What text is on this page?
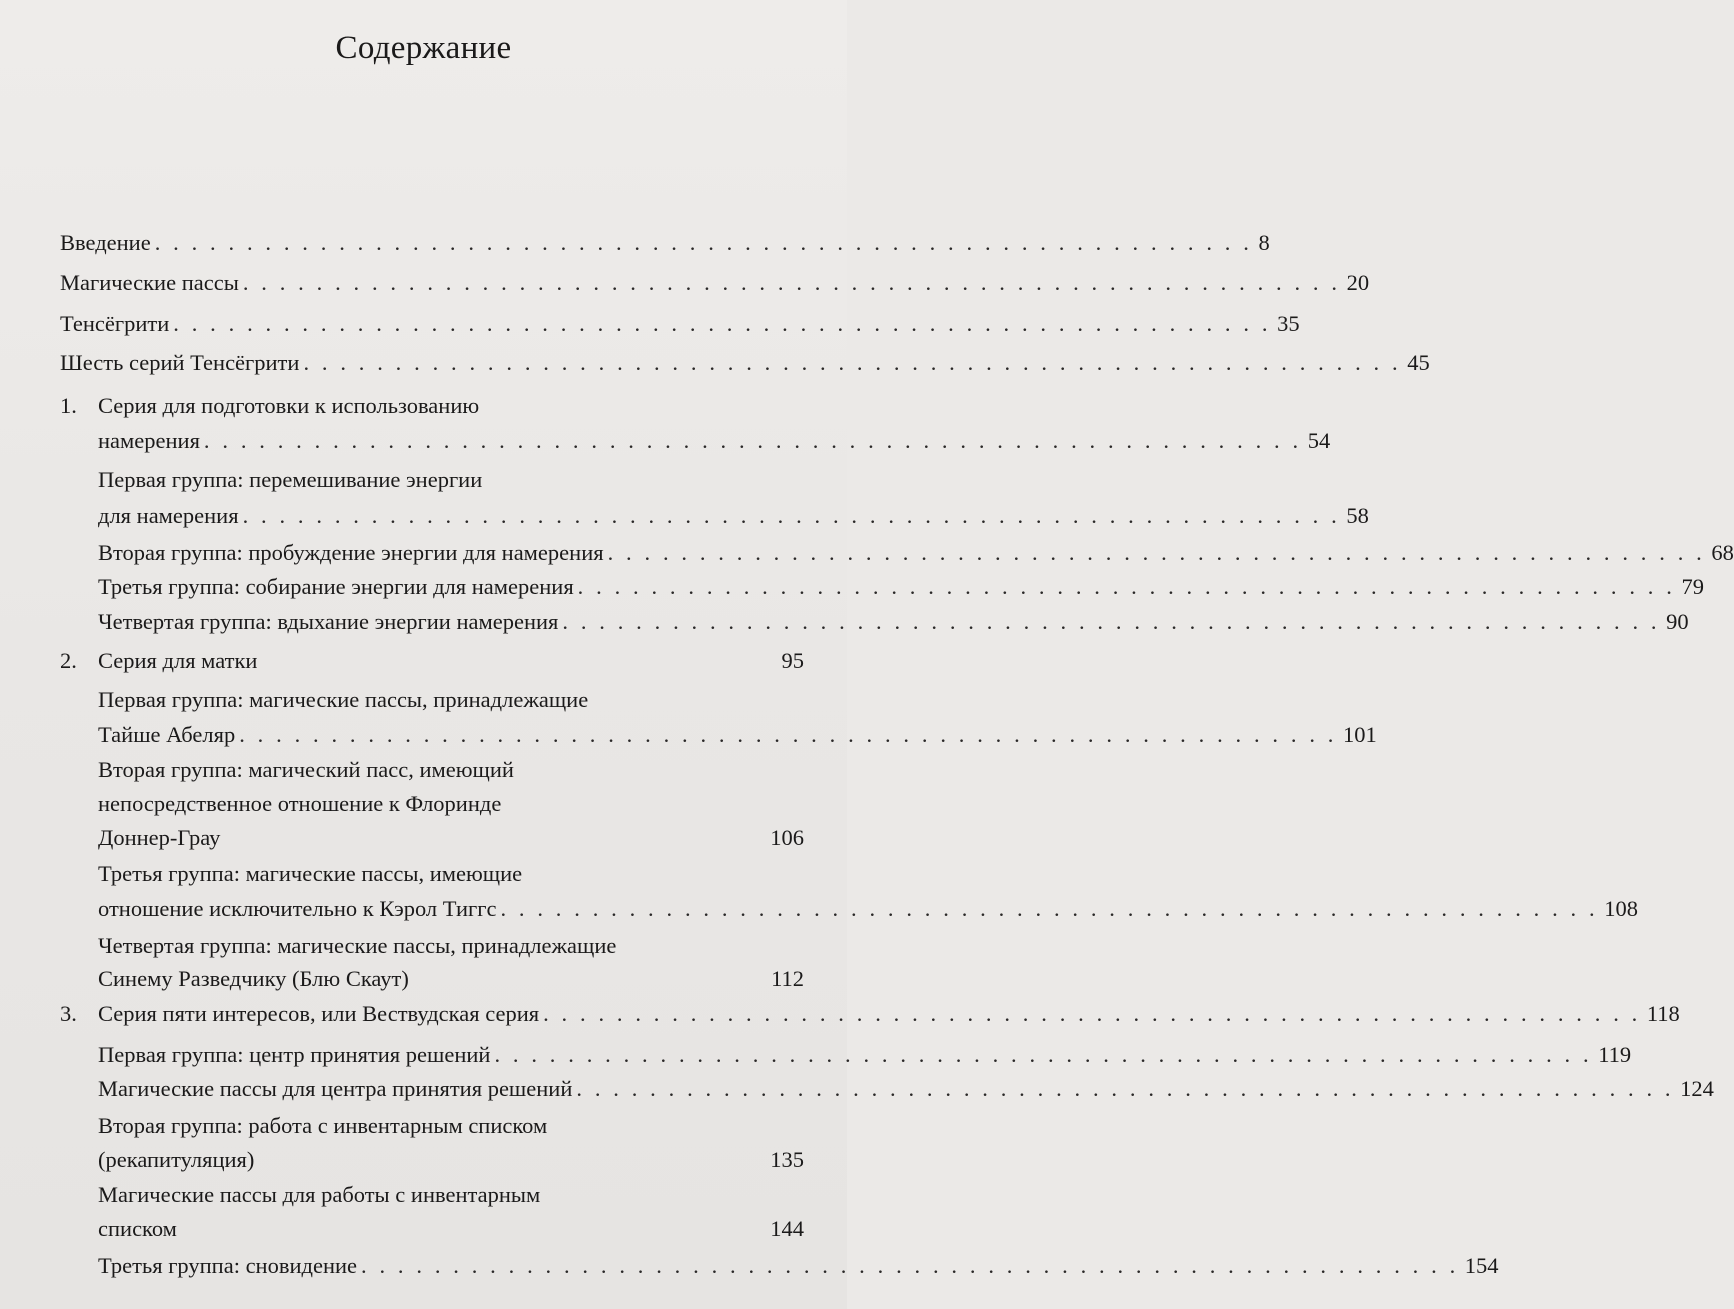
Содержание
Введение . . . . . . . . . . . . . . . . . . . . . . . . . . . . . . . . . . . . . . . . . . . . . . . . . . . . . . . . . . . . 8
Магические пассы . . . . . . . . . . . . . . . . . . . . . . . . . . . . . . . . . . . . . . . . . . . . . . . . . . . . . . . . . . . . 20
Тенсёгрити . . . . . . . . . . . . . . . . . . . . . . . . . . . . . . . . . . . . . . . . . . . . . . . . . . . . . . . . . . . . 35
Шесть серий Тенсёгрити . . . . . . . . . . . . . . . . . . . . . . . . . . . . . . . . . . . . . . . . . . . . . . . . . . . . . . . . . . . . 45
1. Серия для подготовки к использованию
намерения . . . . . . . . . . . . . . . . . . . . . . . . . . . . . . . . . . . . . . . . . . . . . . . . . . . . . . . . . . . . 54
Первая группа: перемешивание энергии
для намерения . . . . . . . . . . . . . . . . . . . . . . . . . . . . . . . . . . . . . . . . . . . . . . . . . . . . . . . . . . . . 58
Вторая группа: пробуждение энергии для намерения . . . . . . . . . . . . . . . . . . . . . . . . . . . . . . . . . . . . . . . . . . . . . . . . . . . . . . . . . . . . 68
Третья группа: собирание энергии для намерения . . . . . . . . . . . . . . . . . . . . . . . . . . . . . . . . . . . . . . . . . . . . . . . . . . . . . . . . . . . . 79
Четвертая группа: вдыхание энергии намерения . . . . . . . . . . . . . . . . . . . . . . . . . . . . . . . . . . . . . . . . . . . . . . . . . . . . . . . . . . . . 90
2. Серия для матки	95
Первая группа: магические пассы, принадлежащие
Тайше Абеляр . . . . . . . . . . . . . . . . . . . . . . . . . . . . . . . . . . . . . . . . . . . . . . . . . . . . . . . . . . . . 101
Вторая группа: магический пасс, имеющий
непосредственное отношение к Флоринде
Доннер-Грау	106
Третья группа: магические пассы, имеющие
отношение исключительно к Кэрол Тиггс . . . . . . . . . . . . . . . . . . . . . . . . . . . . . . . . . . . . . . . . . . . . . . . . . . . . . . . . . . . . 108
Четвертая группа: магические пассы, принадлежащие
Синему Разведчику (Блю Скаут)	112
3. Серия пяти интересов, или Вествудская серия . . . . . . . . . . . . . . . . . . . . . . . . . . . . . . . . . . . . . . . . . . . . . . . . . . . . . . . . . . . . 118
Первая группа: центр принятия решений . . . . . . . . . . . . . . . . . . . . . . . . . . . . . . . . . . . . . . . . . . . . . . . . . . . . . . . . . . . . 119
Магические пассы для центра принятия решений . . . . . . . . . . . . . . . . . . . . . . . . . . . . . . . . . . . . . . . . . . . . . . . . . . . . . . . . . . . . 124
Вторая группа: работа с инвентарным списком
(рекапитуляция)	135
Магические пассы для работы с инвентарным
списком	144
Третья группа: сновидение . . . . . . . . . . . . . . . . . . . . . . . . . . . . . . . . . . . . . . . . . . . . . . . . . . . . . . . . . . . . 154
